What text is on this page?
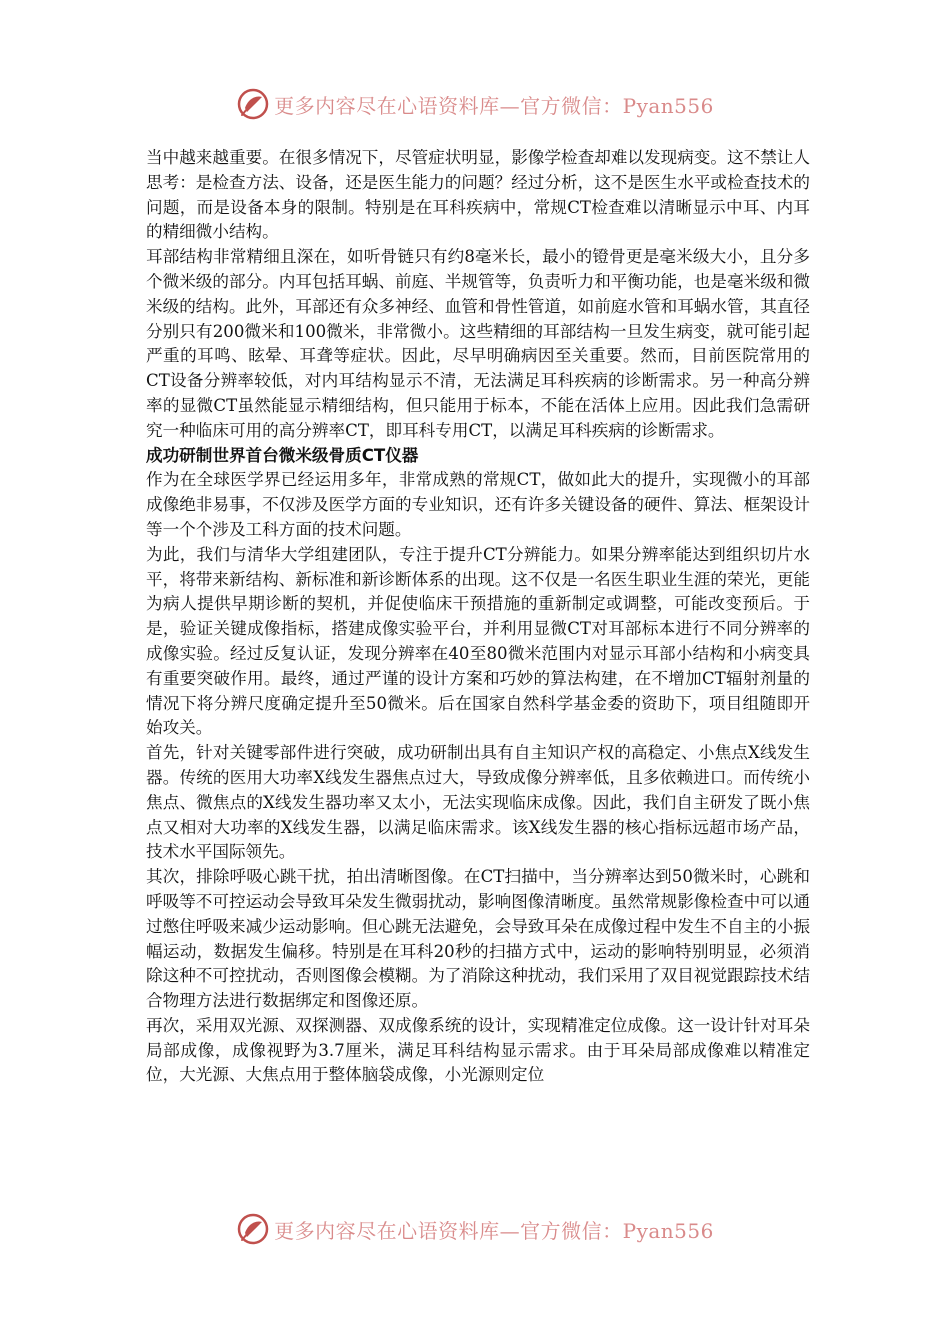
更多内容尽在心语资料库—官方微信：Pyan556

当中越来越重要。在很多情况下，尽管症状明显，影像学检查却难以发现病变。这不禁让人思考：是检查方法、设备，还是医生能力的问题？经过分析，这不是医生水平或检查技术的问题，而是设备本身的限制。特别是在耳科疾病中，常规CT检查难以清晰显示中耳、内耳的精细微小结构。

耳部结构非常精细且深在，如听骨链只有约8毫米长，最小的镫骨更是毫米级大小，且分多个微米级的部分。内耳包括耳蜗、前庭、半规管等，负责听力和平衡功能，也是毫米级和微米级的结构。此外，耳部还有众多神经、血管和骨性管道，如前庭水管和耳蜗水管，其直径分别只有200微米和100微米，非常微小。这些精细的耳部结构一旦发生病变，就可能引起严重的耳鸣、眩晕、耳聋等症状。因此，尽早明确病因至关重要。然而，目前医院常用的CT设备分辨率较低，对内耳结构显示不清，无法满足耳科疾病的诊断需求。另一种高分辨率的显微CT虽然能显示精细结构，但只能用于标本，不能在活体上应用。因此我们急需研究一种临床可用的高分辨率CT，即耳科专用CT，以满足耳科疾病的诊断需求。

成功研制世界首台微米级骨质CT仪器

作为在全球医学界已经运用多年，非常成熟的常规CT，做如此大的提升，实现微小的耳部成像绝非易事，不仅涉及医学方面的专业知识，还有许多关键设备的硬件、算法、框架设计等一个个涉及工科方面的技术问题。

为此，我们与清华大学组建团队，专注于提升CT分辨能力。如果分辨率能达到组织切片水平，将带来新结构、新标准和新诊断体系的出现。这不仅是一名医生职业生涯的荣光，更能为病人提供早期诊断的契机，并促使临床干预措施的重新制定或调整，可能改变预后。于是，验证关键成像指标，搭建成像实验平台，并利用显微CT对耳部标本进行不同分辨率的成像实验。经过反复认证，发现分辨率在40至80微米范围内对显示耳部小结构和小病变具有重要突破作用。最终，通过严谨的设计方案和巧妙的算法构建，在不增加CT辐射剂量的情况下将分辨尺度确定提升至50微米。后在国家自然科学基金委的资助下，项目组随即开始攻关。

首先，针对关键零部件进行突破，成功研制出具有自主知识产权的高稳定、小焦点X线发生器。传统的医用大功率X线发生器焦点过大，导致成像分辨率低，且多依赖进口。而传统小焦点、微焦点的X线发生器功率又太小，无法实现临床成像。因此，我们自主研发了既小焦点又相对大功率的X线发生器，以满足临床需求。该X线发生器的核心指标远超市场产品，技术水平国际领先。

其次，排除呼吸心跳干扰，拍出清晰图像。在CT扫描中，当分辨率达到50微米时，心跳和呼吸等不可控运动会导致耳朵发生微弱扰动，影响图像清晰度。虽然常规影像检查中可以通过憋住呼吸来减少运动影响。但心跳无法避免，会导致耳朵在成像过程中发生不自主的小振幅运动，数据发生偏移。特别是在耳科20秒的扫描方式中，运动的影响特别明显，必须消除这种不可控扰动，否则图像会模糊。为了消除这种扰动，我们采用了双目视觉跟踪技术结合物理方法进行数据绑定和图像还原。

再次，采用双光源、双探测器、双成像系统的设计，实现精准定位成像。这一设计针对耳朵局部成像，成像视野为3.7厘米，满足耳科结构显示需求。由于耳朵局部成像难以精准定位，大光源、大焦点用于整体脑袋成像，小光源则定位

更多内容尽在心语资料库—官方微信：Pyan556
